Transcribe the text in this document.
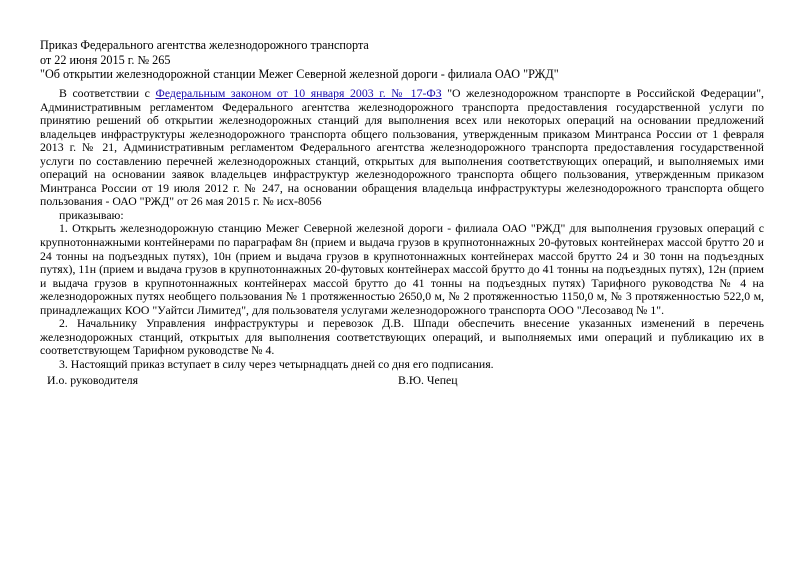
Приказ Федерального агентства железнодорожного транспорта
от 22 июня 2015 г. № 265
"Об открытии железнодорожной станции Межег Северной железной дороги - филиала ОАО "РЖД"

В соответствии с Федеральным законом от 10 января 2003 г. № 17-ФЗ "О железнодорожном транспорте в Российской Федерации", Административным регламентом Федерального агентства железнодорожного транспорта предоставления государственной услуги по принятию решений об открытии железнодорожных станций для выполнения всех или некоторых операций на основании предложений владельцев инфраструктуры железнодорожного транспорта общего пользования, утвержденным приказом Минтранса России от 1 февраля 2013 г. № 21, Административным регламентом Федерального агентства железнодорожного транспорта предоставления государственной услуги по составлению перечней железнодорожных станций, открытых для выполнения соответствующих операций, и выполняемых ими операций на основании заявок владельцев инфраструктур железнодорожного транспорта общего пользования, утвержденным приказом Минтранса России от 19 июля 2012 г. № 247, на основании обращения владельца инфраструктуры железнодорожного транспорта общего пользования - ОАО "РЖД" от 26 мая 2015 г. № исх-8056

приказываю:

1. Открыть железнодорожную станцию Межег Северной железной дороги - филиала ОАО "РЖД" для выполнения грузовых операций с крупнотоннажными контейнерами по параграфам 8н (прием и выдача грузов в крупнотоннажных 20-футовых контейнерах массой брутто 20 и 24 тонны на подъездных путях), 10н (прием и выдача грузов в крупнотоннажных контейнерах массой брутто 24 и 30 тонн на подъездных путях), 11н (прием и выдача грузов в крупнотоннажных 20-футовых контейнерах массой брутто до 41 тонны на подъездных путях), 12н (прием и выдача грузов в крупнотоннажных контейнерах массой брутто до 41 тонны на подъездных путях) Тарифного руководства № 4 на железнодорожных путях необщего пользования № 1 протяженностью 2650,0 м, № 2 протяженностью 1150,0 м, № 3 протяженностью 522,0 м, принадлежащих КОО "Уайтси Лимитед", для пользователя услугами железнодорожного транспорта ООО "Лесозавод № 1".

2. Начальнику Управления инфраструктуры и перевозок Д.В. Шпади обеспечить внесение указанных изменений в перечень железнодорожных станций, открытых для выполнения соответствующих операций, и выполняемых ими операций и публикацию их в соответствующем Тарифном руководстве № 4.

3. Настоящий приказ вступает в силу через четырнадцать дней со дня его подписания.

И.о. руководителя	В.Ю. Чепец
